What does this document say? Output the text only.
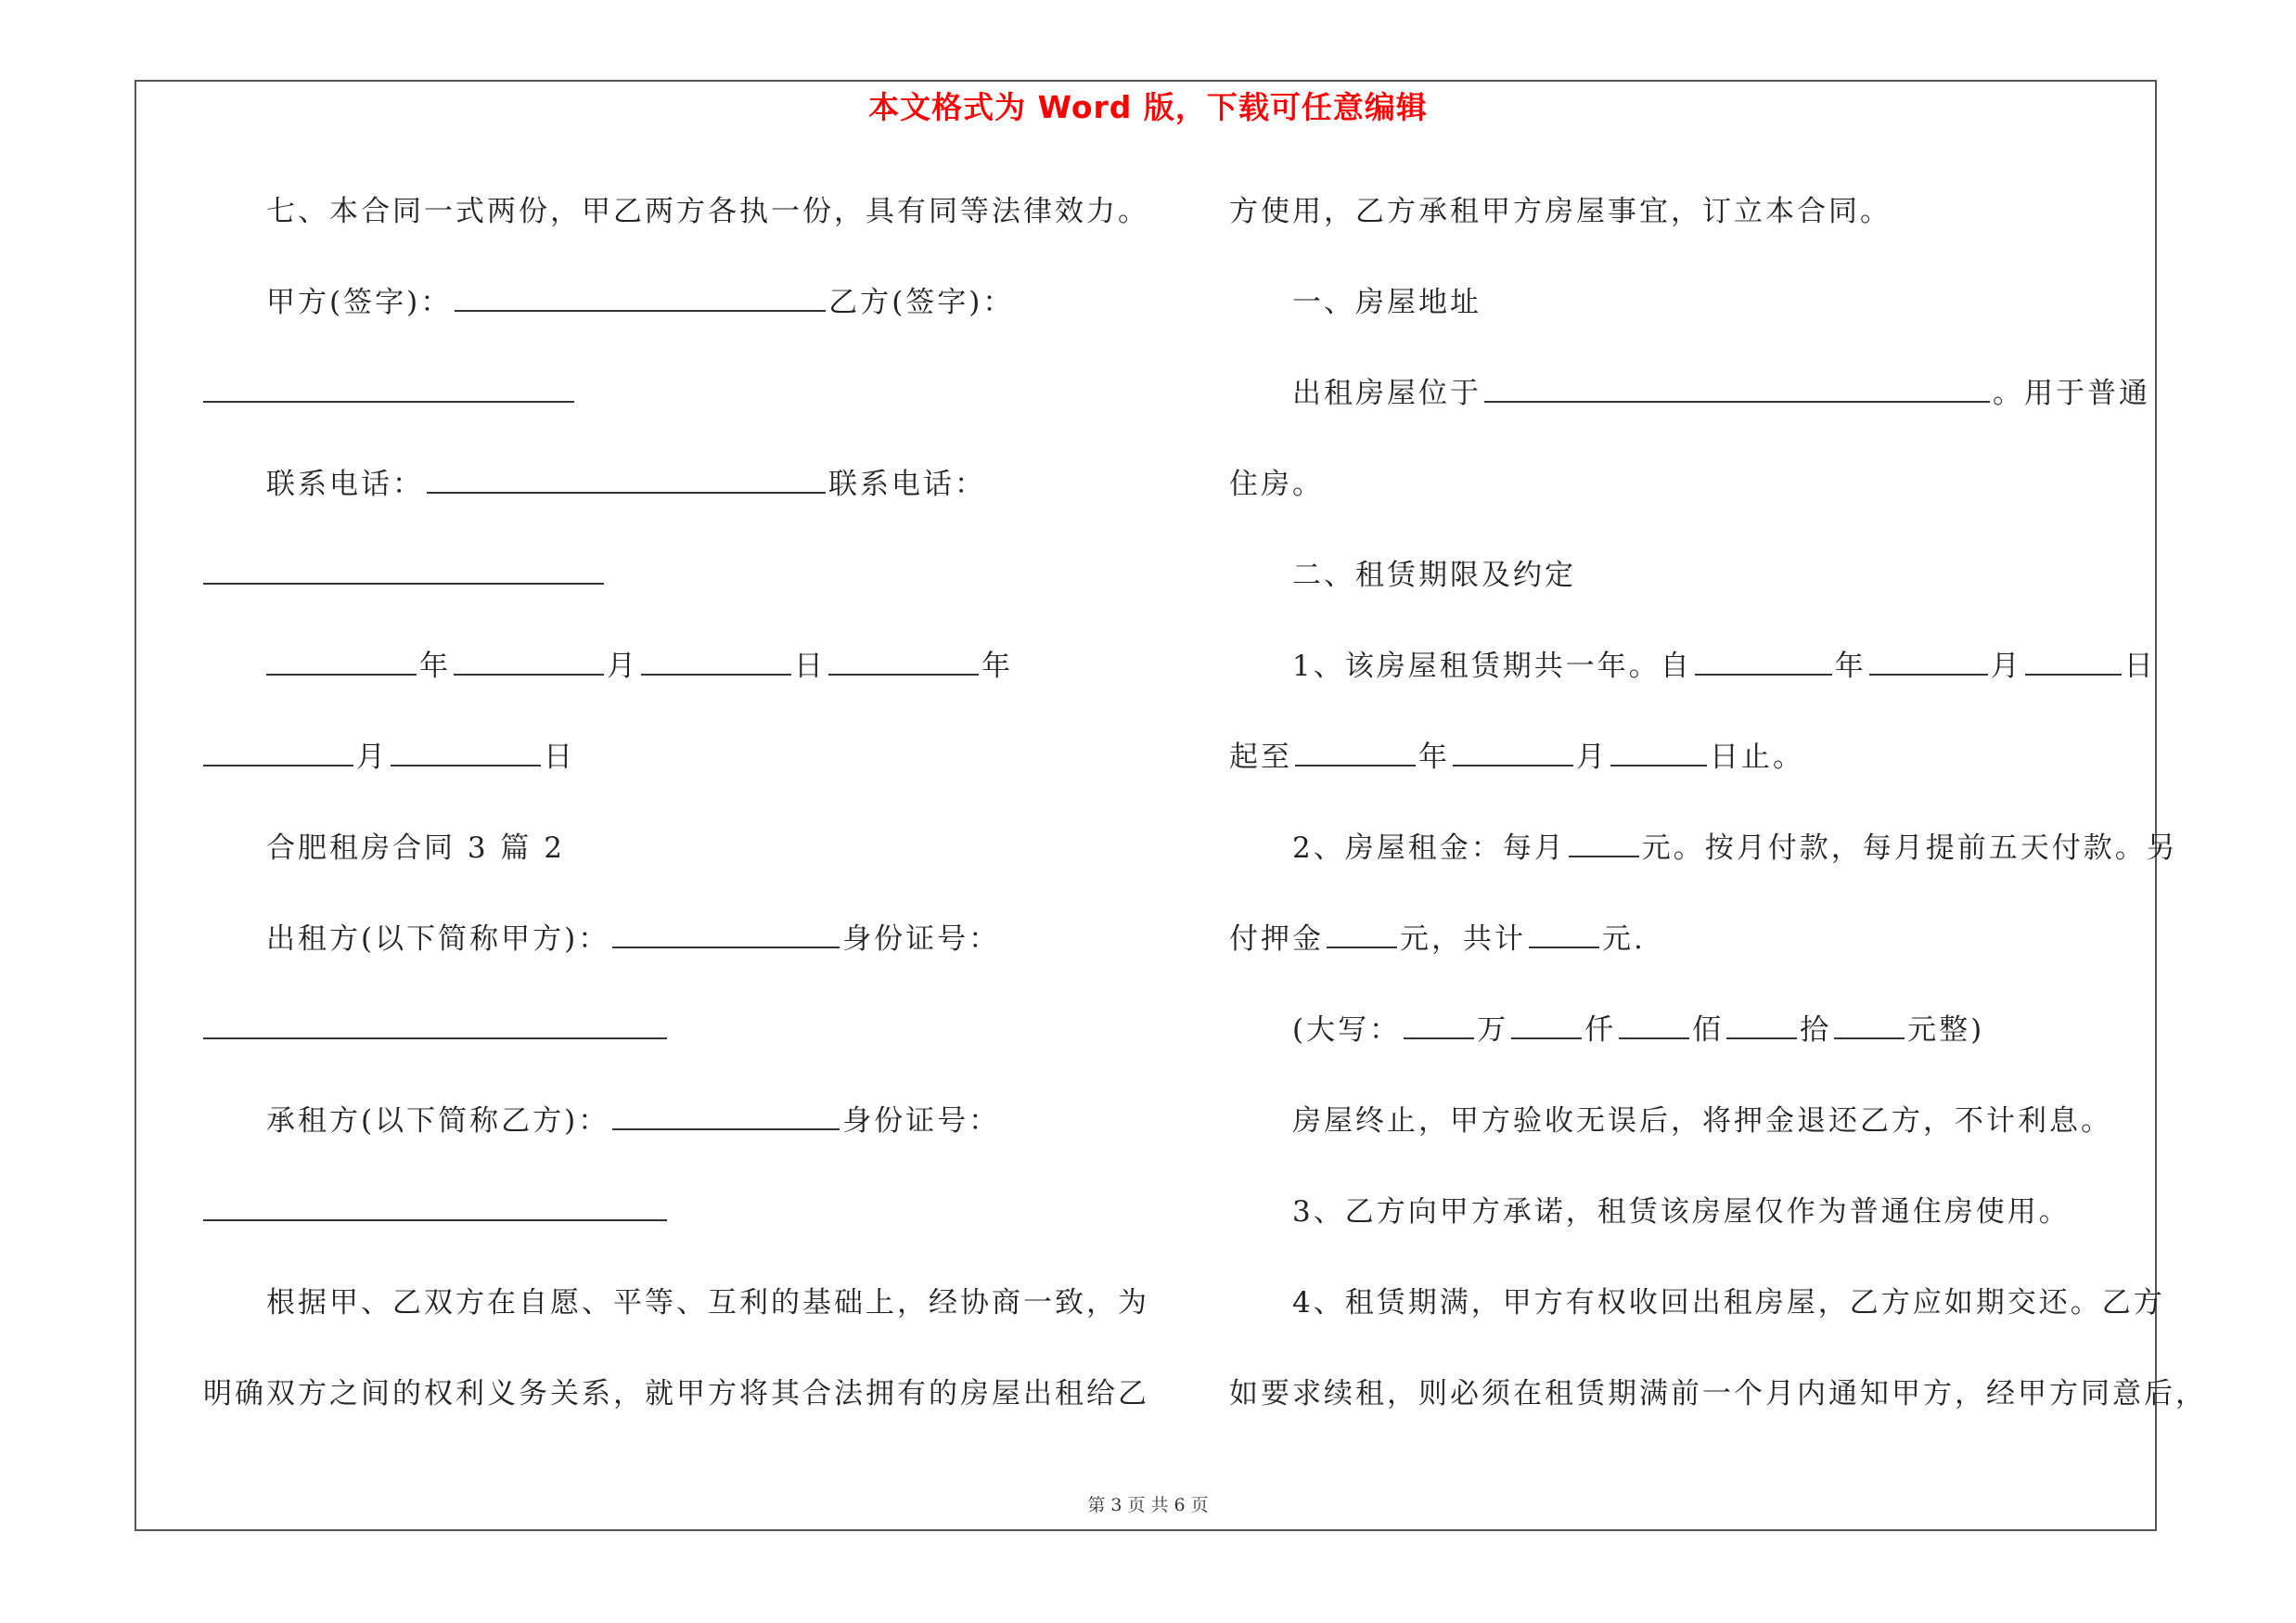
本文格式为 Word 版，下载可任意编辑
七、本合同一式两份，甲乙两方各执一份，具有同等法律效力。
甲方(签字)：	乙方(签字)：
联系电话：	联系电话：
年	月	日	年
月	日
合肥租房合同 3 篇 2
出租方(以下简称甲方)：	身份证号：
承租方(以下简称乙方)：	身份证号：
根据甲、乙双方在自愿、平等、互利的基础上，经协商一致，为
明确双方之间的权利义务关系，就甲方将其合法拥有的房屋出租给乙
方使用，乙方承租甲方房屋事宜，订立本合同。
一、房屋地址
出租房屋位于	。用于普通
住房。
二、租赁期限及约定
1、该房屋租赁期共一年。自	年	月	日
起至	年	月	日止。
2、房屋租金：每月	元。按月付款，每月提前五天付款。另
付押金	元，共计	元.
(大写：	万	仟	佰	拾	元整)
房屋终止，甲方验收无误后，将押金退还乙方，不计利息。
3、乙方向甲方承诺，租赁该房屋仅作为普通住房使用。
4、租赁期满，甲方有权收回出租房屋，乙方应如期交还。乙方
如要求续租，则必须在租赁期满前一个月内通知甲方，经甲方同意后，
第 3 页 共 6 页
